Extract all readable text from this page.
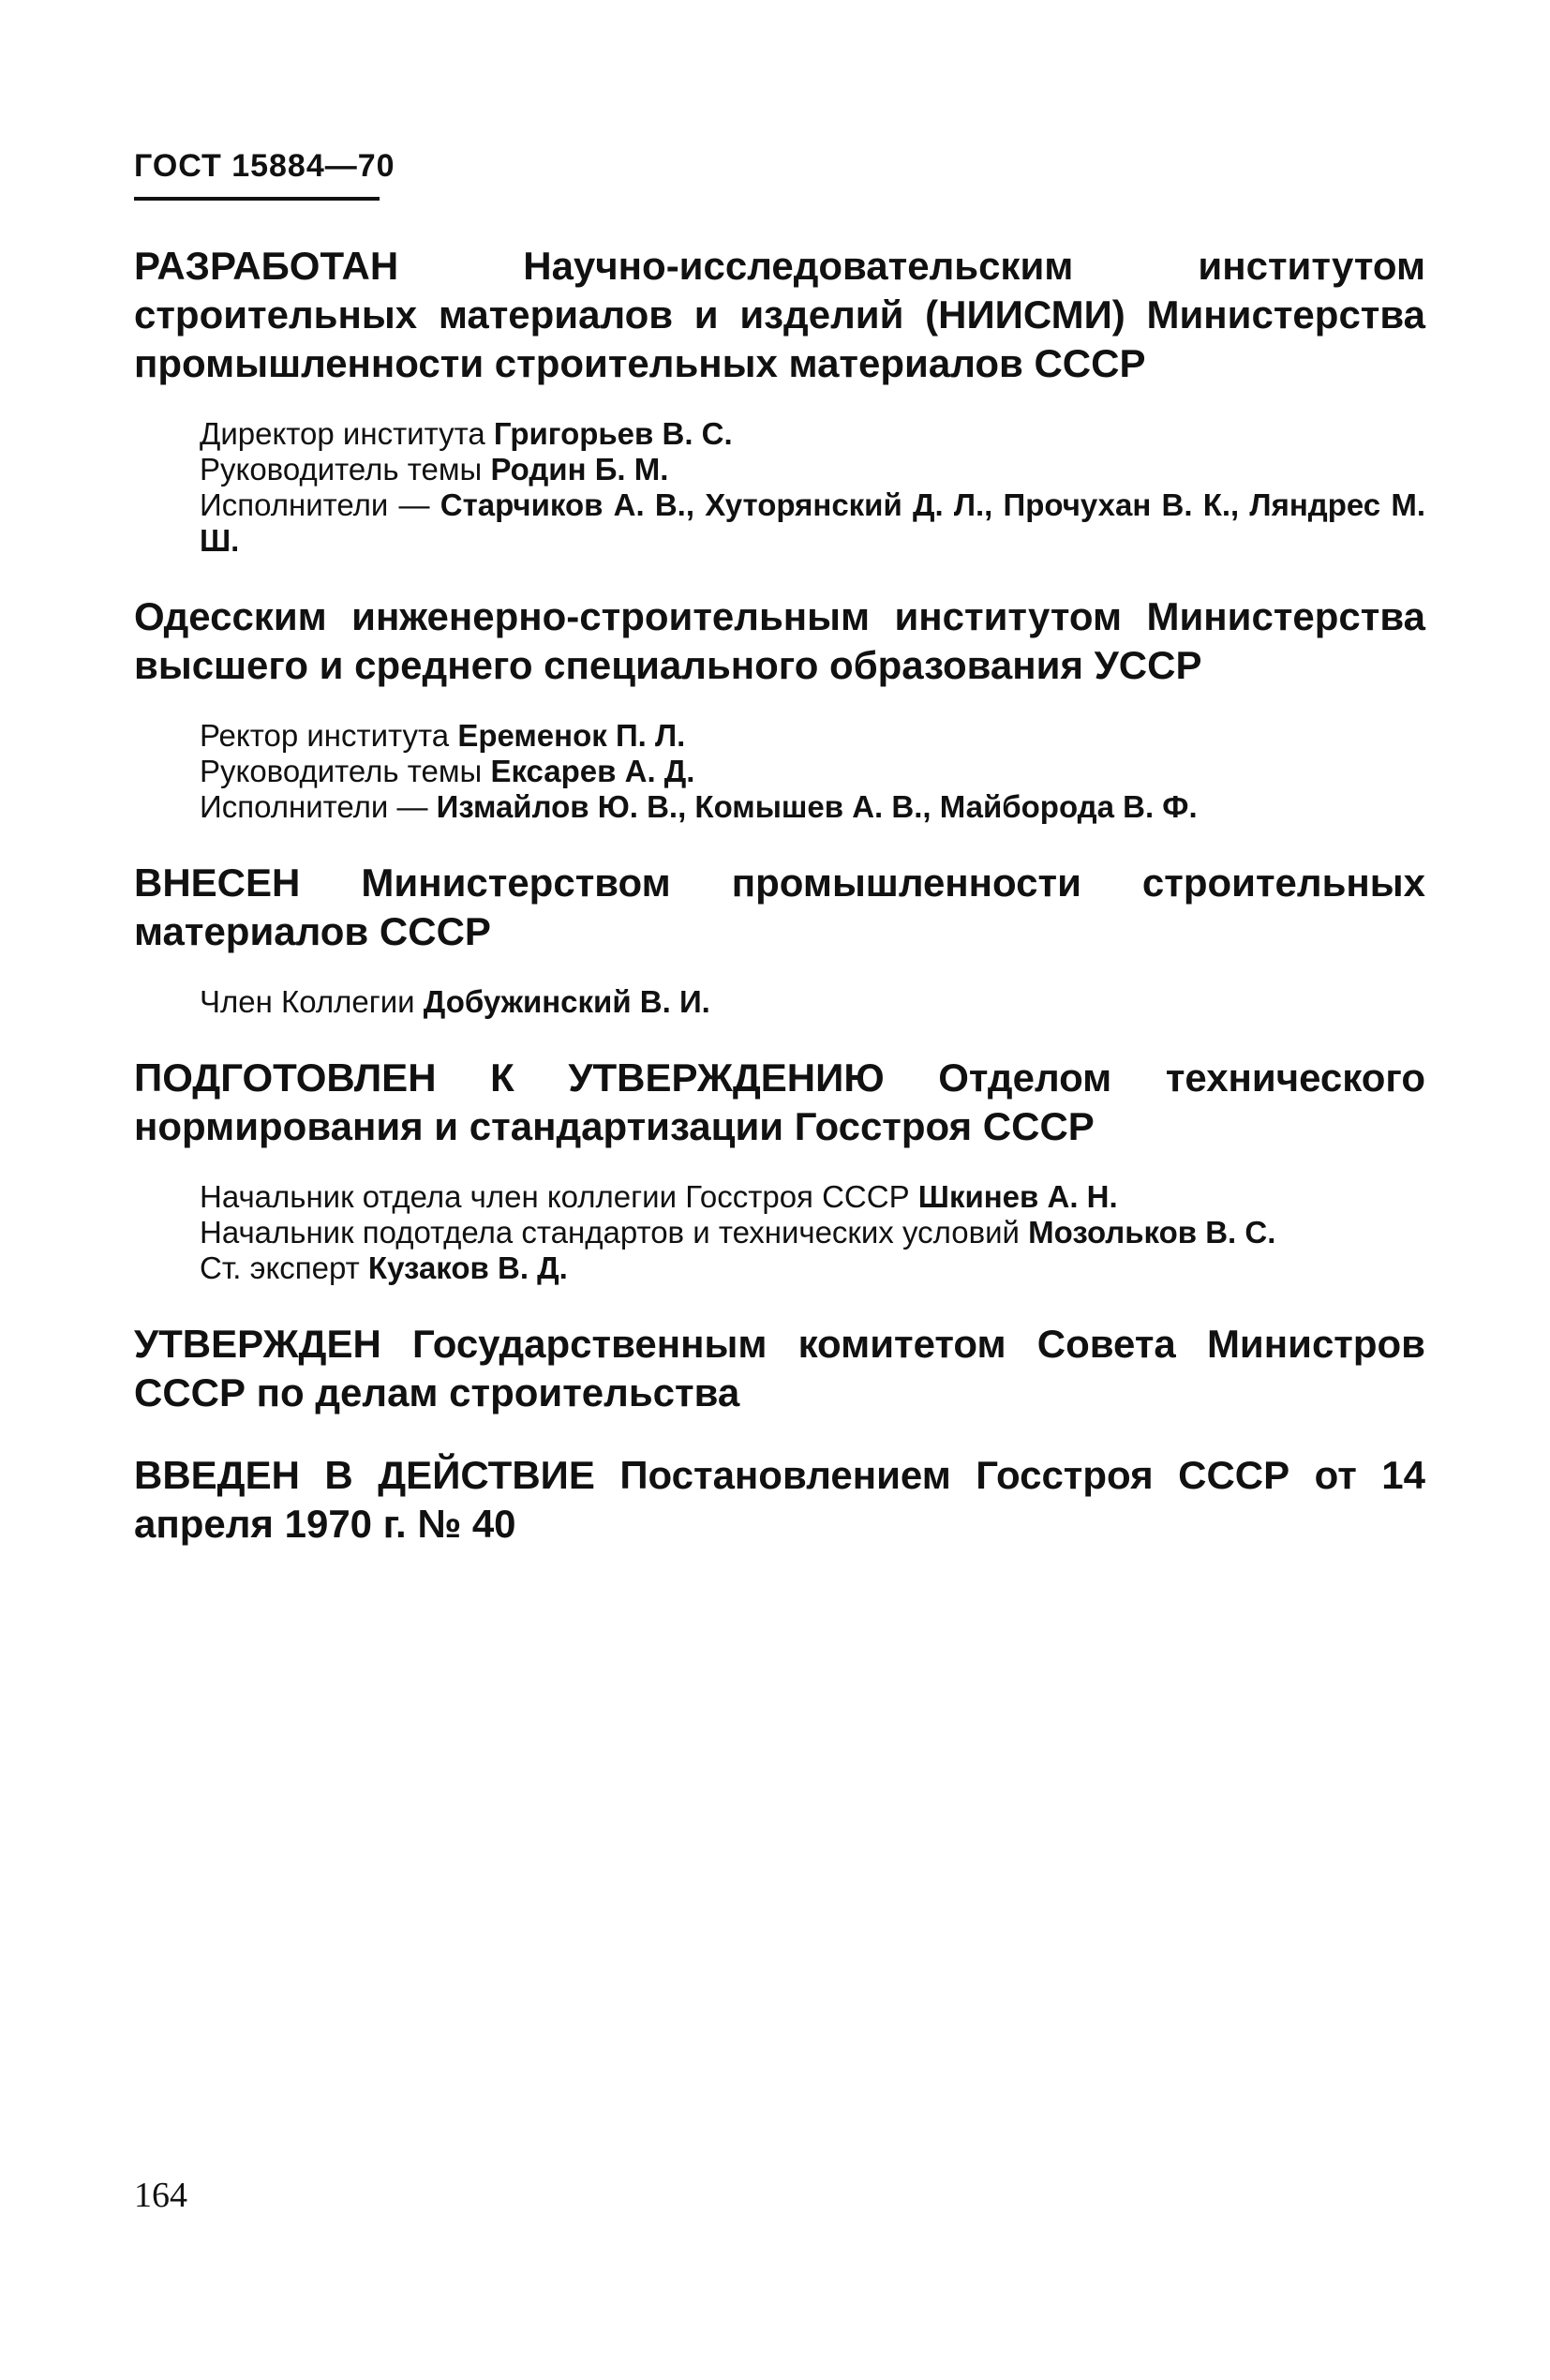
ГОСТ 15884—70

РАЗРАБОТАН	Научно-исследовательским институтом строительных материалов и изделий (НИИСМИ) Министерства промышленности строительных материалов СССР

Директор института Григорьев В. С.

Руководитель темы Родин Б. М.

Исполнители — Старчиков А. В., Хуторянский Д. Л., Прочухан В. К., Ляндрес М. Ш.

Одесским инженерно-строительным институтом Министерства высшего и среднего специального образования УССР

Ректор института Еременок П. Л.

Руководитель темы Ексарев А. Д.

Исполнители — Измайлов Ю. В., Комышев А. В., Майборода В. Ф.

ВНЕСЕН Министерством промышленности строительных материалов СССР

Член Коллегии Добужинский В. И.

ПОДГОТОВЛЕН К УТВЕРЖДЕНИЮ Отделом технического нормирования и стандартизации Госстроя СССР

Начальник отдела член коллегии Госстроя СССР Шкинев А. Н.

Начальник подотдела стандартов и технических условий Мозольков В. С.

Ст. эксперт Кузаков В. Д.

УТВЕРЖДЕН Государственным комитетом Совета Министров СССР по делам строительства

ВВЕДЕН В ДЕЙСТВИЕ Постановлением Госстроя СССР от 14 апреля 1970 г. № 40

164
